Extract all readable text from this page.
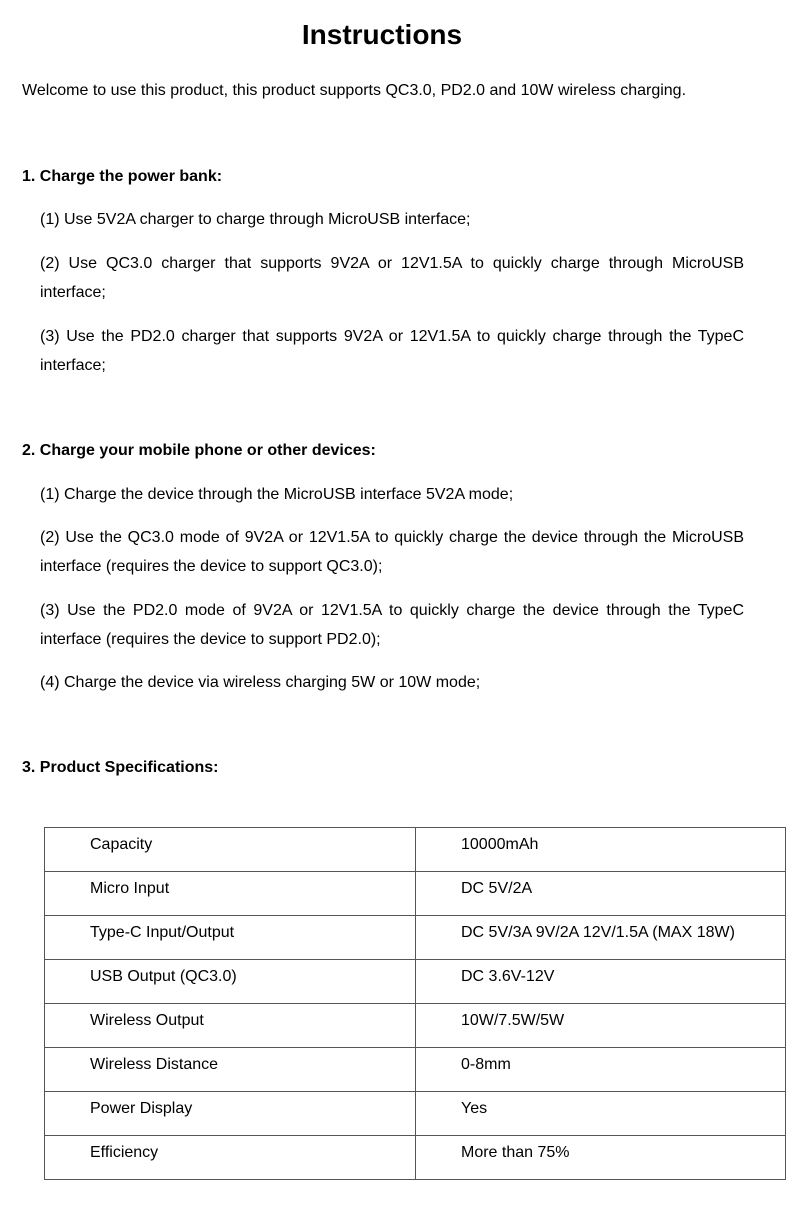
Instructions
Welcome to use this product, this product supports QC3.0, PD2.0 and 10W wireless charging.
1. Charge the power bank:
(1) Use 5V2A charger to charge through MicroUSB interface;
(2) Use QC3.0 charger that supports 9V2A or 12V1.5A to quickly charge through MicroUSB interface;
(3) Use the PD2.0 charger that supports 9V2A or 12V1.5A to quickly charge through the TypeC interface;
2. Charge your mobile phone or other devices:
(1) Charge the device through the MicroUSB interface 5V2A mode;
(2) Use the QC3.0 mode of 9V2A or 12V1.5A to quickly charge the device through the MicroUSB interface (requires the device to support QC3.0);
(3) Use the PD2.0 mode of 9V2A or 12V1.5A to quickly charge the device through the TypeC interface (requires the device to support PD2.0);
(4) Charge the device via wireless charging 5W or 10W mode;
3. Product Specifications:
Capacity	10000mAh

Micro Input	DC 5V/2A

Type-C Input/Output	DC 5V/3A 9V/2A 12V/1.5A (MAX 18W)

USB Output (QC3.0)	DC 3.6V-12V

Wireless Output	10W/7.5W/5W

Wireless Distance	0-8mm

Power Display	Yes

Efficiency	More than 75%
